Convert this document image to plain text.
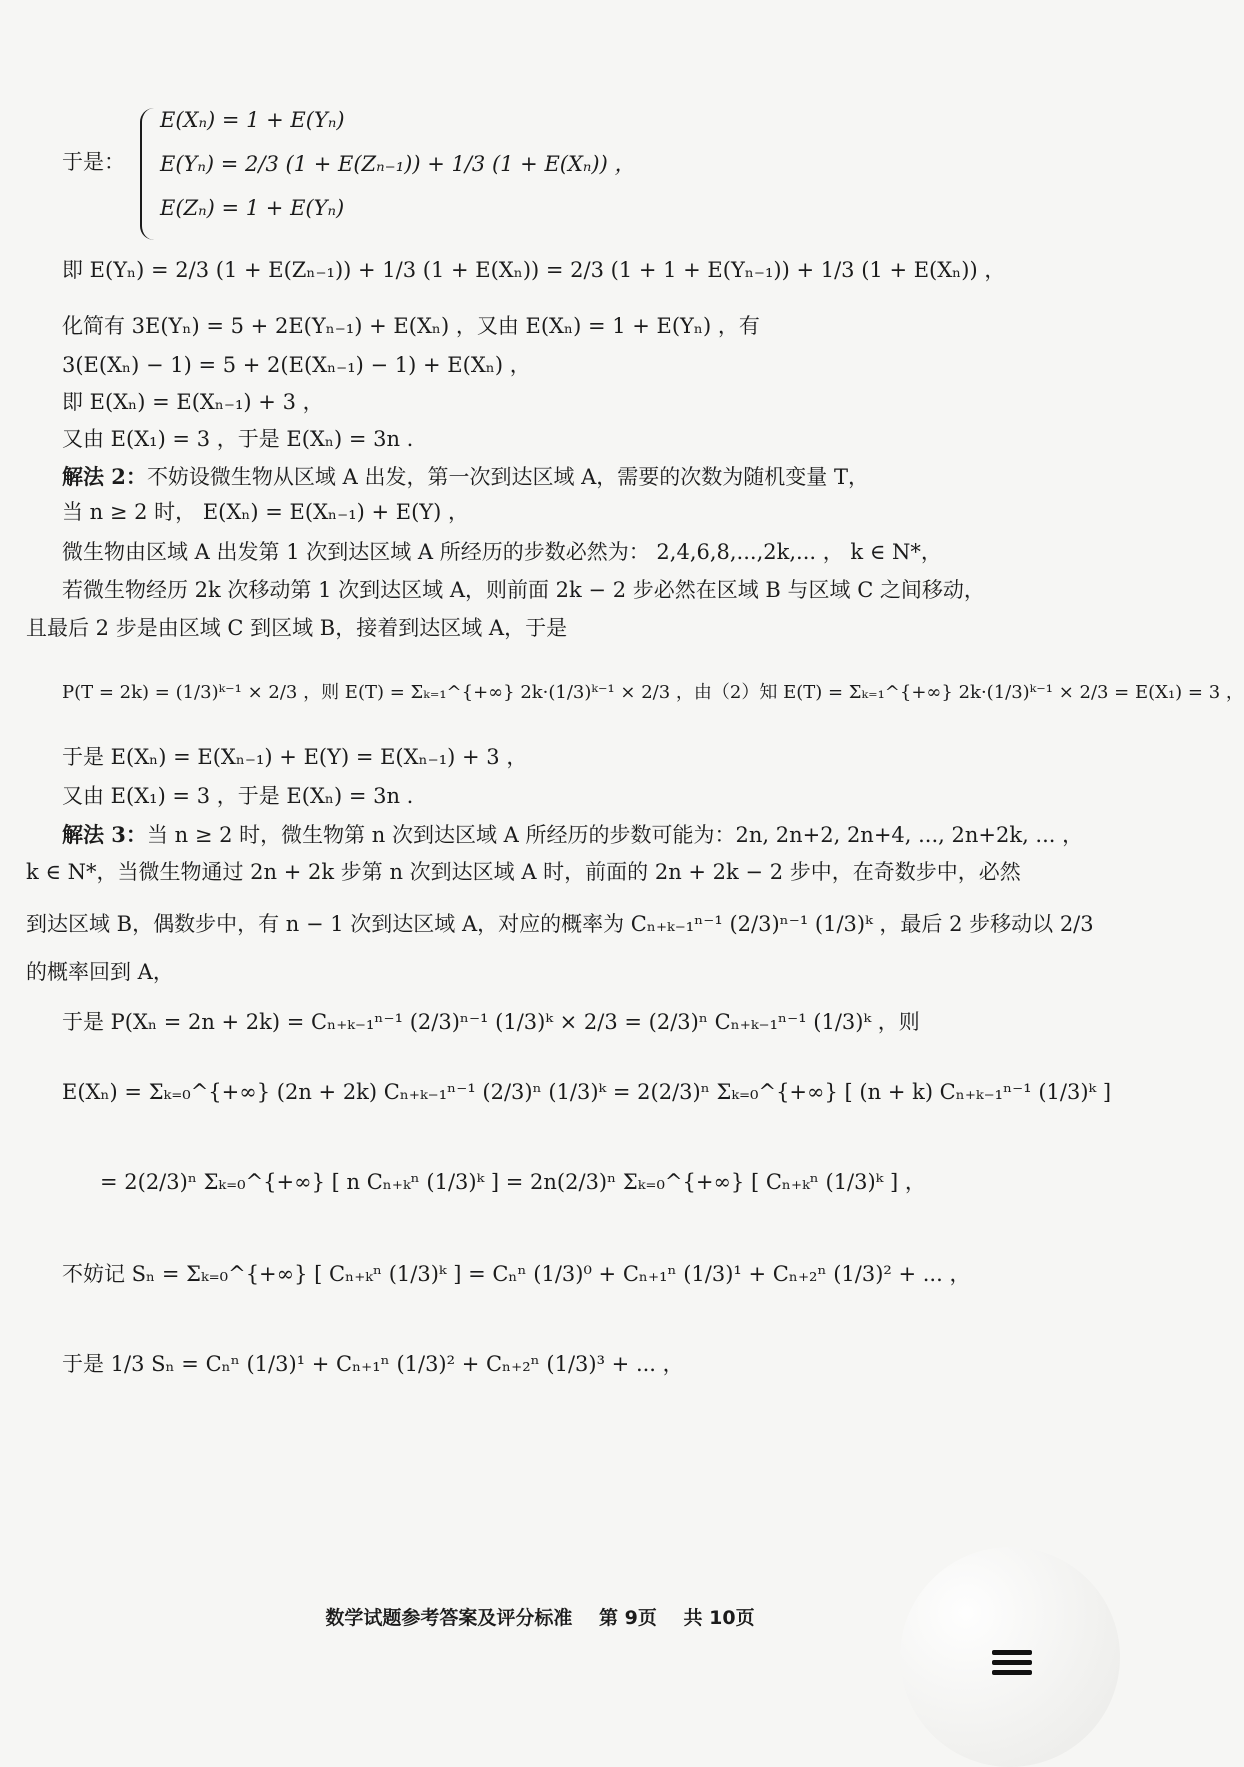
于是：
E(Xₙ) = 1 + E(Yₙ)
E(Yₙ) = 2/3 (1 + E(Zₙ₋₁)) + 1/3 (1 + E(Xₙ)) ，
E(Zₙ) = 1 + E(Yₙ)
即 E(Yₙ) = 2/3 (1 + E(Zₙ₋₁)) + 1/3 (1 + E(Xₙ)) = 2/3 (1 + 1 + E(Yₙ₋₁)) + 1/3 (1 + E(Xₙ)) ，
化简有 3E(Yₙ) = 5 + 2E(Yₙ₋₁) + E(Xₙ) ，又由 E(Xₙ) = 1 + E(Yₙ) ，有
3(E(Xₙ) − 1) = 5 + 2(E(Xₙ₋₁) − 1) + E(Xₙ) ，
即 E(Xₙ) = E(Xₙ₋₁) + 3 ，
又由 E(X₁) = 3 ，于是 E(Xₙ) = 3n .
解法 2：不妨设微生物从区域 A 出发，第一次到达区域 A，需要的次数为随机变量 T，
当 n ≥ 2 时， E(Xₙ) = E(Xₙ₋₁) + E(Y) ，
微生物由区域 A 出发第 1 次到达区域 A 所经历的步数必然为： 2,4,6,8,...,2k,... ， k ∈ N*，
若微生物经历 2k 次移动第 1 次到达区域 A，则前面 2k − 2 步必然在区域 B 与区域 C 之间移动，
且最后 2 步是由区域 C 到区域 B，接着到达区域 A，于是
P(T = 2k) = (1/3)ᵏ⁻¹ × 2/3 ，则 E(T) = Σₖ₌₁^{+∞} 2k·(1/3)ᵏ⁻¹ × 2/3 ，由（2）知 E(T) = Σₖ₌₁^{+∞} 2k·(1/3)ᵏ⁻¹ × 2/3 = E(X₁) = 3 ，
于是 E(Xₙ) = E(Xₙ₋₁) + E(Y) = E(Xₙ₋₁) + 3 ，
又由 E(X₁) = 3 ，于是 E(Xₙ) = 3n .
解法 3：当 n ≥ 2 时，微生物第 n 次到达区域 A 所经历的步数可能为：2n, 2n+2, 2n+4, ..., 2n+2k, ... ，
k ∈ N*，当微生物通过 2n + 2k 步第 n 次到达区域 A 时，前面的 2n + 2k − 2 步中，在奇数步中，必然
到达区域 B，偶数步中，有 n − 1 次到达区域 A，对应的概率为 Cₙ₊ₖ₋₁ⁿ⁻¹ (2/3)ⁿ⁻¹ (1/3)ᵏ ，最后 2 步移动以 2/3
的概率回到 A，
于是 P(Xₙ = 2n + 2k) = Cₙ₊ₖ₋₁ⁿ⁻¹ (2/3)ⁿ⁻¹ (1/3)ᵏ × 2/3 = (2/3)ⁿ Cₙ₊ₖ₋₁ⁿ⁻¹ (1/3)ᵏ ，则
E(Xₙ) = Σₖ₌₀^{+∞} (2n + 2k) Cₙ₊ₖ₋₁ⁿ⁻¹ (2/3)ⁿ (1/3)ᵏ = 2(2/3)ⁿ Σₖ₌₀^{+∞} [ (n + k) Cₙ₊ₖ₋₁ⁿ⁻¹ (1/3)ᵏ ]
= 2(2/3)ⁿ Σₖ₌₀^{+∞} [ n Cₙ₊ₖⁿ (1/3)ᵏ ] = 2n(2/3)ⁿ Σₖ₌₀^{+∞} [ Cₙ₊ₖⁿ (1/3)ᵏ ] ，
不妨记 Sₙ = Σₖ₌₀^{+∞} [ Cₙ₊ₖⁿ (1/3)ᵏ ] = Cₙⁿ (1/3)⁰ + Cₙ₊₁ⁿ (1/3)¹ + Cₙ₊₂ⁿ (1/3)² + ... ，
于是 1/3 Sₙ = Cₙⁿ (1/3)¹ + Cₙ₊₁ⁿ (1/3)² + Cₙ₊₂ⁿ (1/3)³ + ... ，
数学试题参考答案及评分标准 第 9页 共 10页
